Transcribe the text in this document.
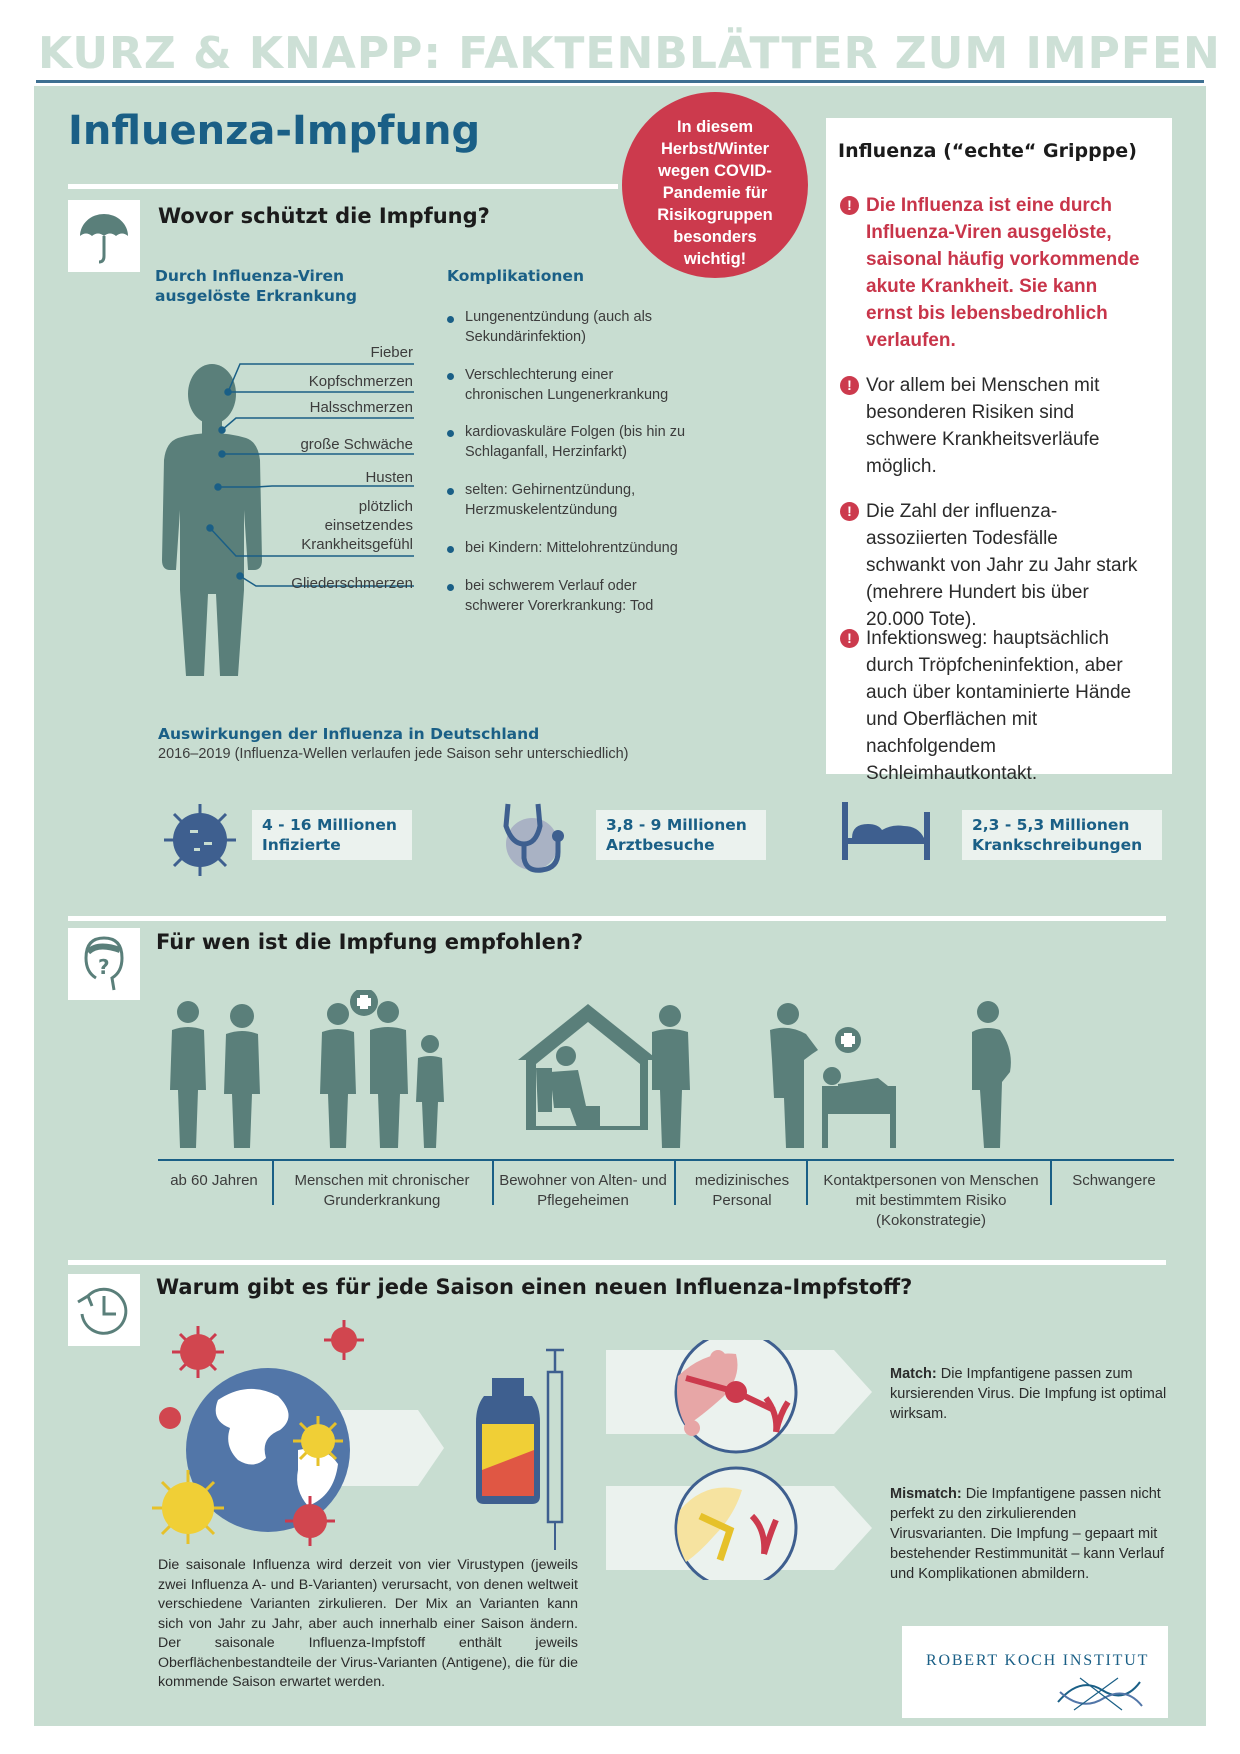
KURZ & KNAPP: FAKTENBLÄTTER ZUM IMPFEN
Influenza-Impfung	In diesem Herbst/Winter wegen COVID-Pandemie für Risikogruppen besonders wichtig!
Wovor schützt die Impfung?
Durch Influenza-Viren ausgelöste Erkrankung
Komplikationen
Fieber
Kopfschmerzen
Halsschmerzen
große Schwäche
Husten
plötzlich einsetzendes Krankheitsgefühl
Gliederschmerzen
Lungenentzündung (auch als Sekundärinfektion)
Verschlechterung einer chronischen Lungenerkrankung
kardiovaskuläre Folgen (bis hin zu Schlaganfall, Herzinfarkt)
selten: Gehirnentzündung, Herzmuskelentzündung
bei Kindern: Mittelohrentzündung
bei schwerem Verlauf oder schwerer Vorerkrankung: Tod
Influenza (“echte“ Gripppe)
! Die Influenza ist eine durch Influenza-Viren ausgelöste, saisonal häufig vorkommende akute Krankheit. Sie kann ernst bis lebensbedrohlich verlaufen.
! Vor allem bei Menschen mit besonderen Risiken sind schwere Krankheitsverläufe möglich.
! Die Zahl der influenza-assoziierten Todesfälle schwankt von Jahr zu Jahr stark (mehrere Hundert bis über 20.000 Tote).
! Infektionsweg: hauptsächlich durch Tröpfcheninfektion, aber auch über kontaminierte Hände und Oberflächen mit nachfolgendem Schleimhautkontakt.
Auswirkungen der Influenza in Deutschland
2016–2019 (Influenza-Wellen verlaufen jede Saison sehr unterschiedlich)
4 - 16 Millionen
Infizierte
3,8 - 9 Millionen
Arztbesuche
2,3 - 5,3 Millionen
Krankschreibungen
?
Für wen ist die Impfung empfohlen?
ab 60 Jahren	Menschen mit chronischer Grunderkrankung
Bewohner von Alten- und Pflegeheimen
medizinisches Personal
Kontaktpersonen von Menschen mit bestimmtem Risiko (Kokonstrategie)
Schwangere
Warum gibt es für jede Saison einen neuen Influenza-Impfstoff?
Die saisonale Influenza wird derzeit von vier Virustypen (jeweils zwei Influenza A- und B-Varianten) verursacht, von denen weltweit verschiedene Varianten zirkulieren. Der Mix an Varianten kann sich von Jahr zu Jahr, aber auch innerhalb einer Saison ändern. Der saisonale Influenza-Impfstoff enthält jeweils Oberflächenbestandteile der Virus-Varianten (Antigene), die für die kommende Saison erwartet werden.
Match: Die Impfantigene passen zum kursierenden Virus. Die Impfung ist optimal wirksam.
Mismatch: Die Impfantigene passen nicht perfekt zu den zirkulierenden Virusvarianten. Die Impfung – gepaart mit bestehender Restimmunität – kann Verlauf und Komplikationen abmildern.
ROBERT KOCH INSTITUT
